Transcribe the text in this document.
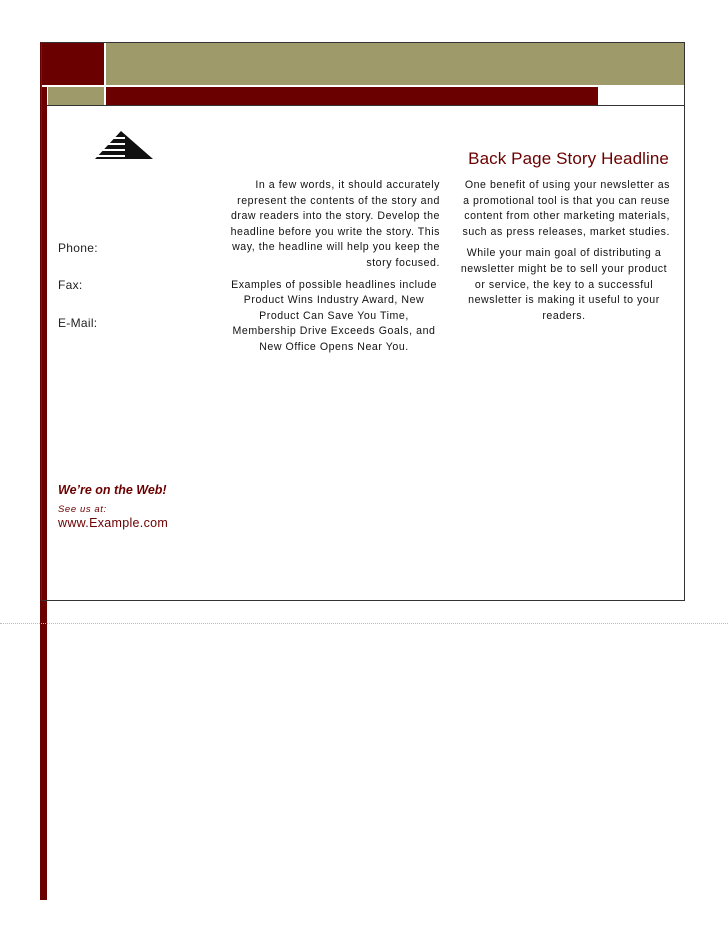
Phone:
Fax:
E-Mail:
We’re on the Web!
See us at:
www.Example.com
Back Page Story Headline

In a few words, it should accurately represent the contents of the story and draw readers into the story. Develop the headline before you write the story. This way, the headline will help you keep the story focused.

Examples of possible headlines include Product Wins Industry Award, New Product Can Save You Time, Membership Drive Exceeds Goals, and New Office Opens Near You.

One benefit of using your newsletter as a promotional tool is that you can reuse content from other marketing materials, such as press releases, market studies.

While your main goal of distributing a newsletter might be to sell your product or service, the key to a successful newsletter is making it useful to your readers.
